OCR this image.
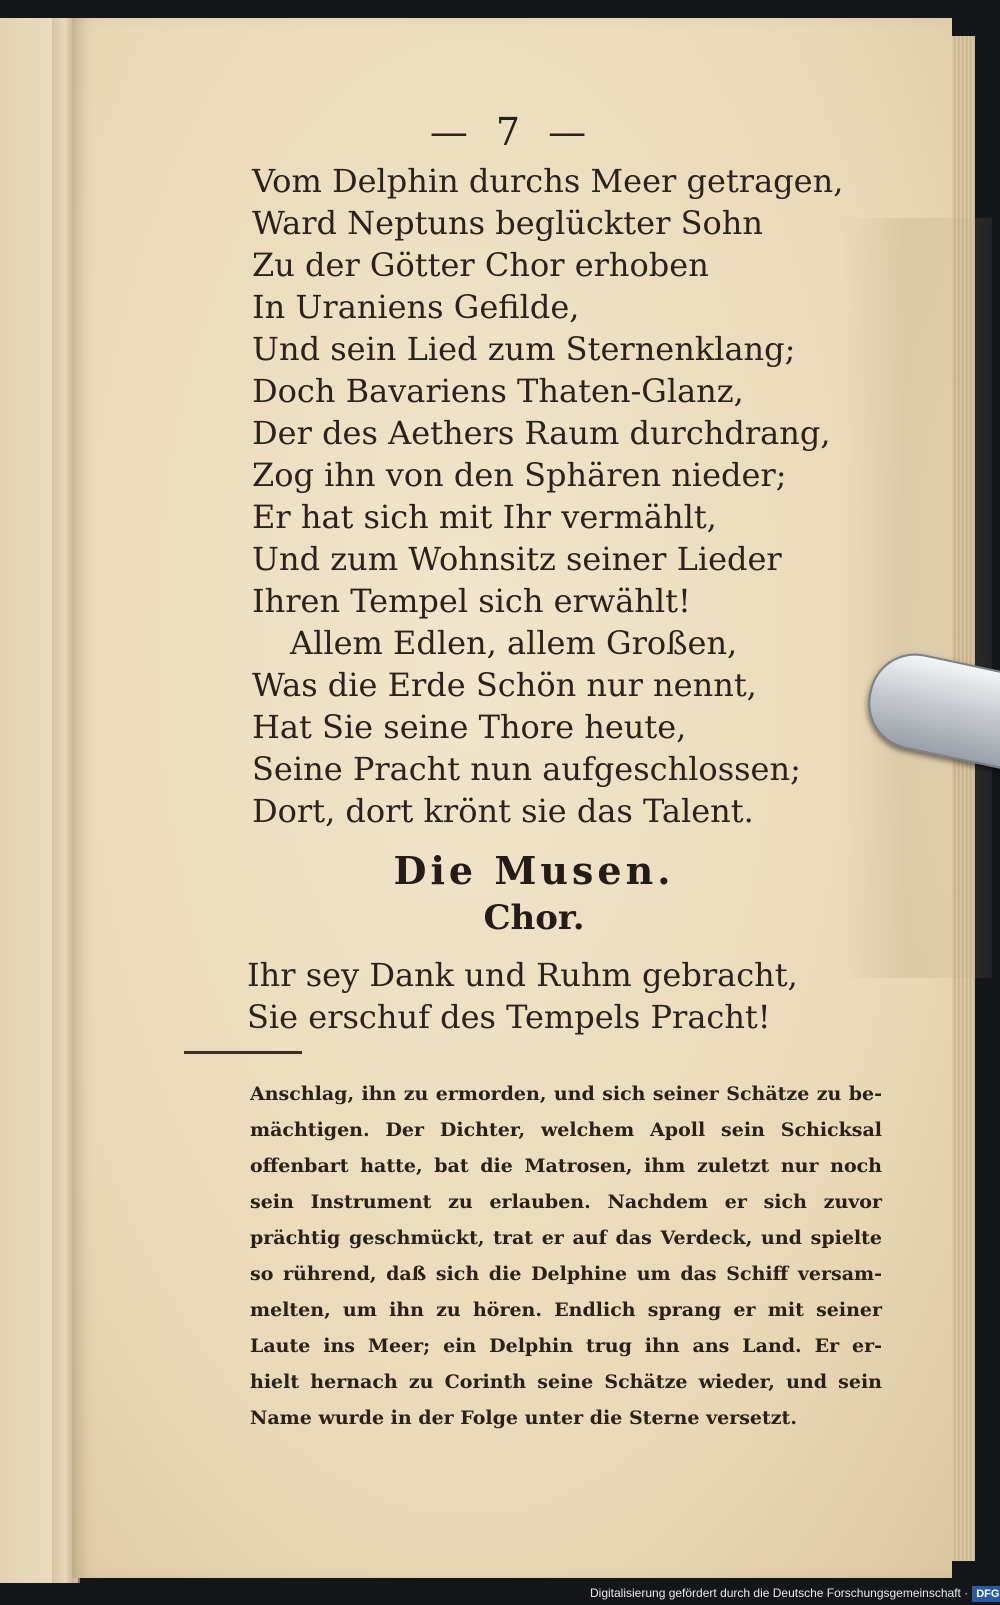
— 7 —
Vom Delphin durchs Meer getragen,
Ward Neptuns beglückter Sohn
Zu der Götter Chor erhoben
In Uraniens Gefilde,
Und sein Lied zum Sternenklang;
Doch Bavariens Thaten-Glanz,
Der des Aethers Raum durchdrang,
Zog ihn von den Sphären nieder;
Er hat sich mit Ihr vermählt,
Und zum Wohnsitz seiner Lieder
Ihren Tempel sich erwählt!
Allem Edlen, allem Großen,
Was die Erde Schön nur nennt,
Hat Sie seine Thore heute,
Seine Pracht nun aufgeschlossen;
Dort, dort krönt sie das Talent.
Die Musen.
Chor.
Ihr sey Dank und Ruhm gebracht,
Sie erschuf des Tempels Pracht!
Anschlag, ihn zu ermorden, und sich seiner Schätze zu be-
mächtigen. Der Dichter, welchem Apoll sein Schicksal
offenbart hatte, bat die Matrosen, ihm zuletzt nur noch
sein Instrument zu erlauben. Nachdem er sich zuvor
prächtig geschmückt, trat er auf das Verdeck, und spielte
so rührend, daß sich die Delphine um das Schiff versam-
melten, um ihn zu hören. Endlich sprang er mit seiner
Laute ins Meer; ein Delphin trug ihn ans Land. Er er-
hielt hernach zu Corinth seine Schätze wieder, und sein
Name wurde in der Folge unter die Sterne versetzt.
Digitalisierung gefördert durch die Deutsche Forschungsgemeinschaft · DFG
